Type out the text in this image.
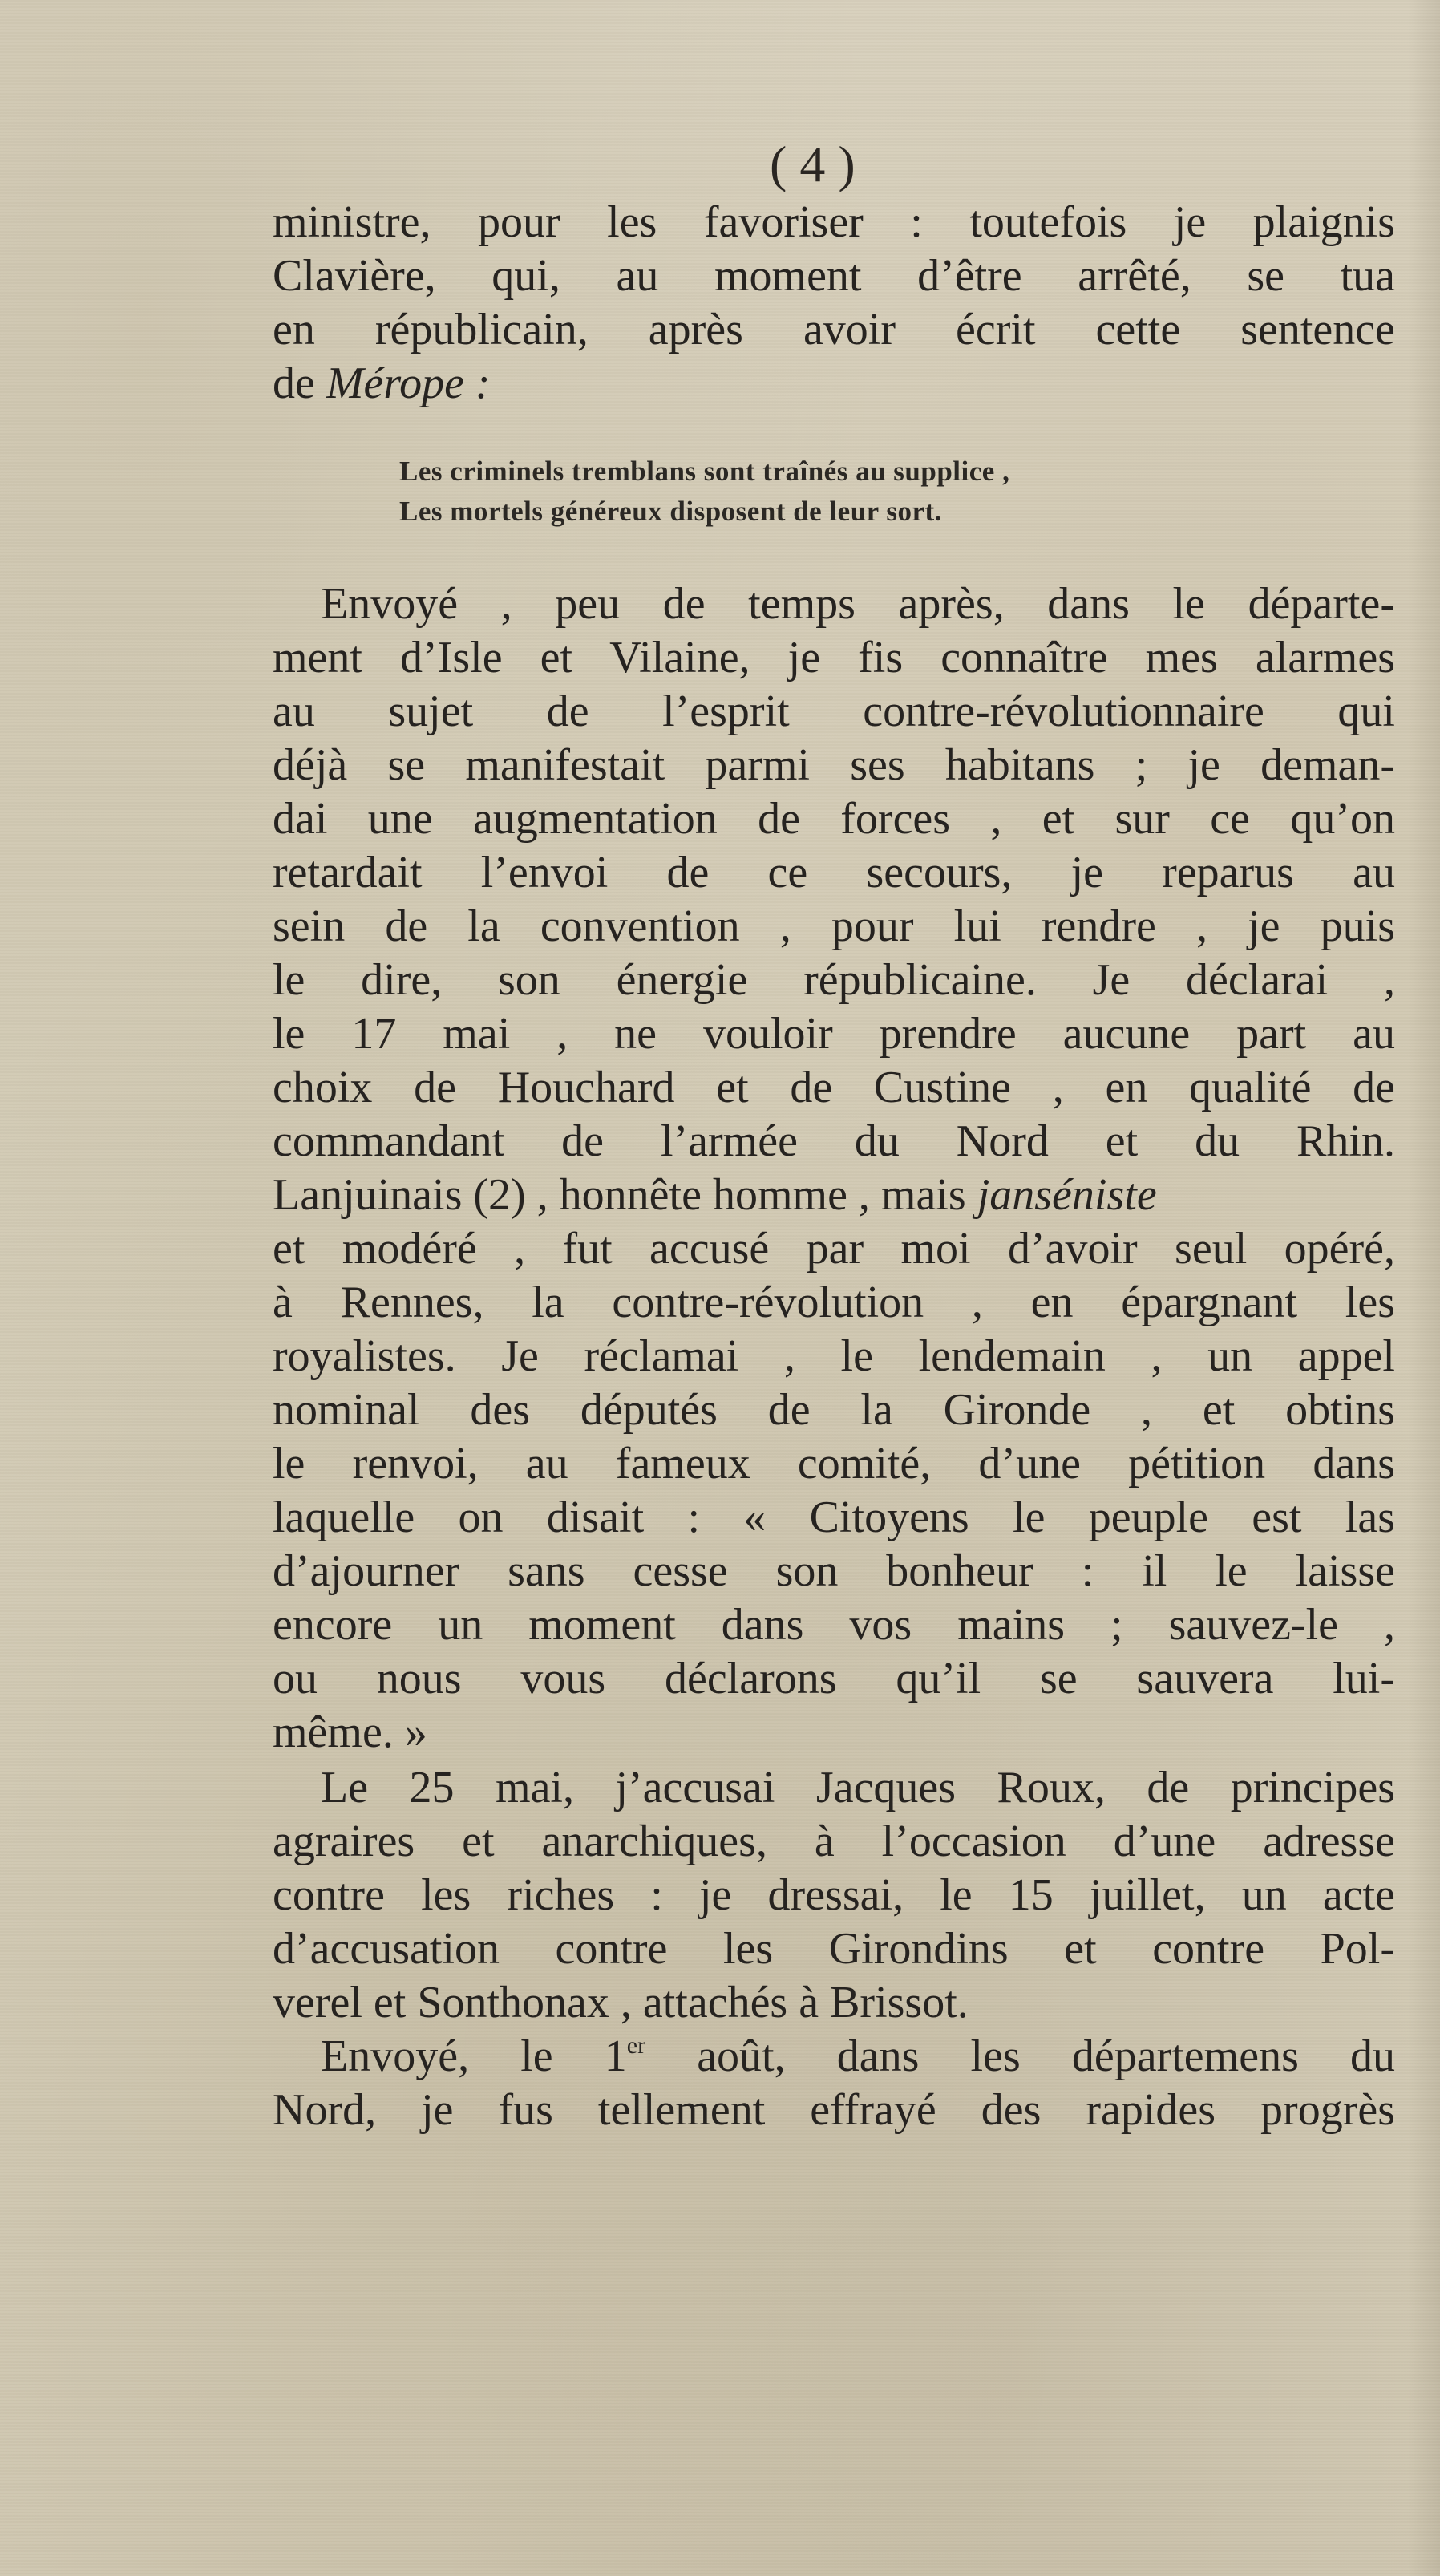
( 4 )
ministre, pour les favoriser : toutefois je plaignis
Clavière, qui, au moment d’être arrêté, se tua
en républicain, après avoir écrit cette sentence
de Mérope :
Les criminels tremblans sont traînés au supplice ,
Les mortels généreux disposent de leur sort.
Envoyé , peu de temps après, dans le départe-
ment d’Isle et Vilaine, je fis connaître mes alarmes
au sujet de l’esprit contre-révolutionnaire qui
déjà se manifestait parmi ses habitans ; je deman-
dai une augmentation de forces , et sur ce qu’on
retardait l’envoi de ce secours, je reparus au
sein de la convention , pour lui rendre , je puis
le dire, son énergie républicaine. Je déclarai ,
le 17 mai , ne vouloir prendre aucune part au
choix de Houchard et de Custine , en qualité de
commandant de l’armée du Nord et du Rhin.
Lanjuinais (2) , honnête homme , mais janséniste
et modéré , fut accusé par moi d’avoir seul opéré,
à Rennes, la contre-révolution , en épargnant les
royalistes. Je réclamai , le lendemain , un appel
nominal des députés de la Gironde , et obtins
le renvoi, au fameux comité, d’une pétition dans
laquelle on disait : « Citoyens le peuple est las
d’ajourner sans cesse son bonheur : il le laisse
encore un moment dans vos mains ; sauvez-le ,
ou nous vous déclarons qu’il se sauvera lui-
même. »
Le 25 mai, j’accusai Jacques Roux, de principes
agraires et anarchiques, à l’occasion d’une adresse
contre les riches : je dressai, le 15 juillet, un acte
d’accusation contre les Girondins et contre Pol-
verel et Sonthonax , attachés à Brissot.
Envoyé, le 1er août, dans les départemens du
Nord, je fus tellement effrayé des rapides progrès
